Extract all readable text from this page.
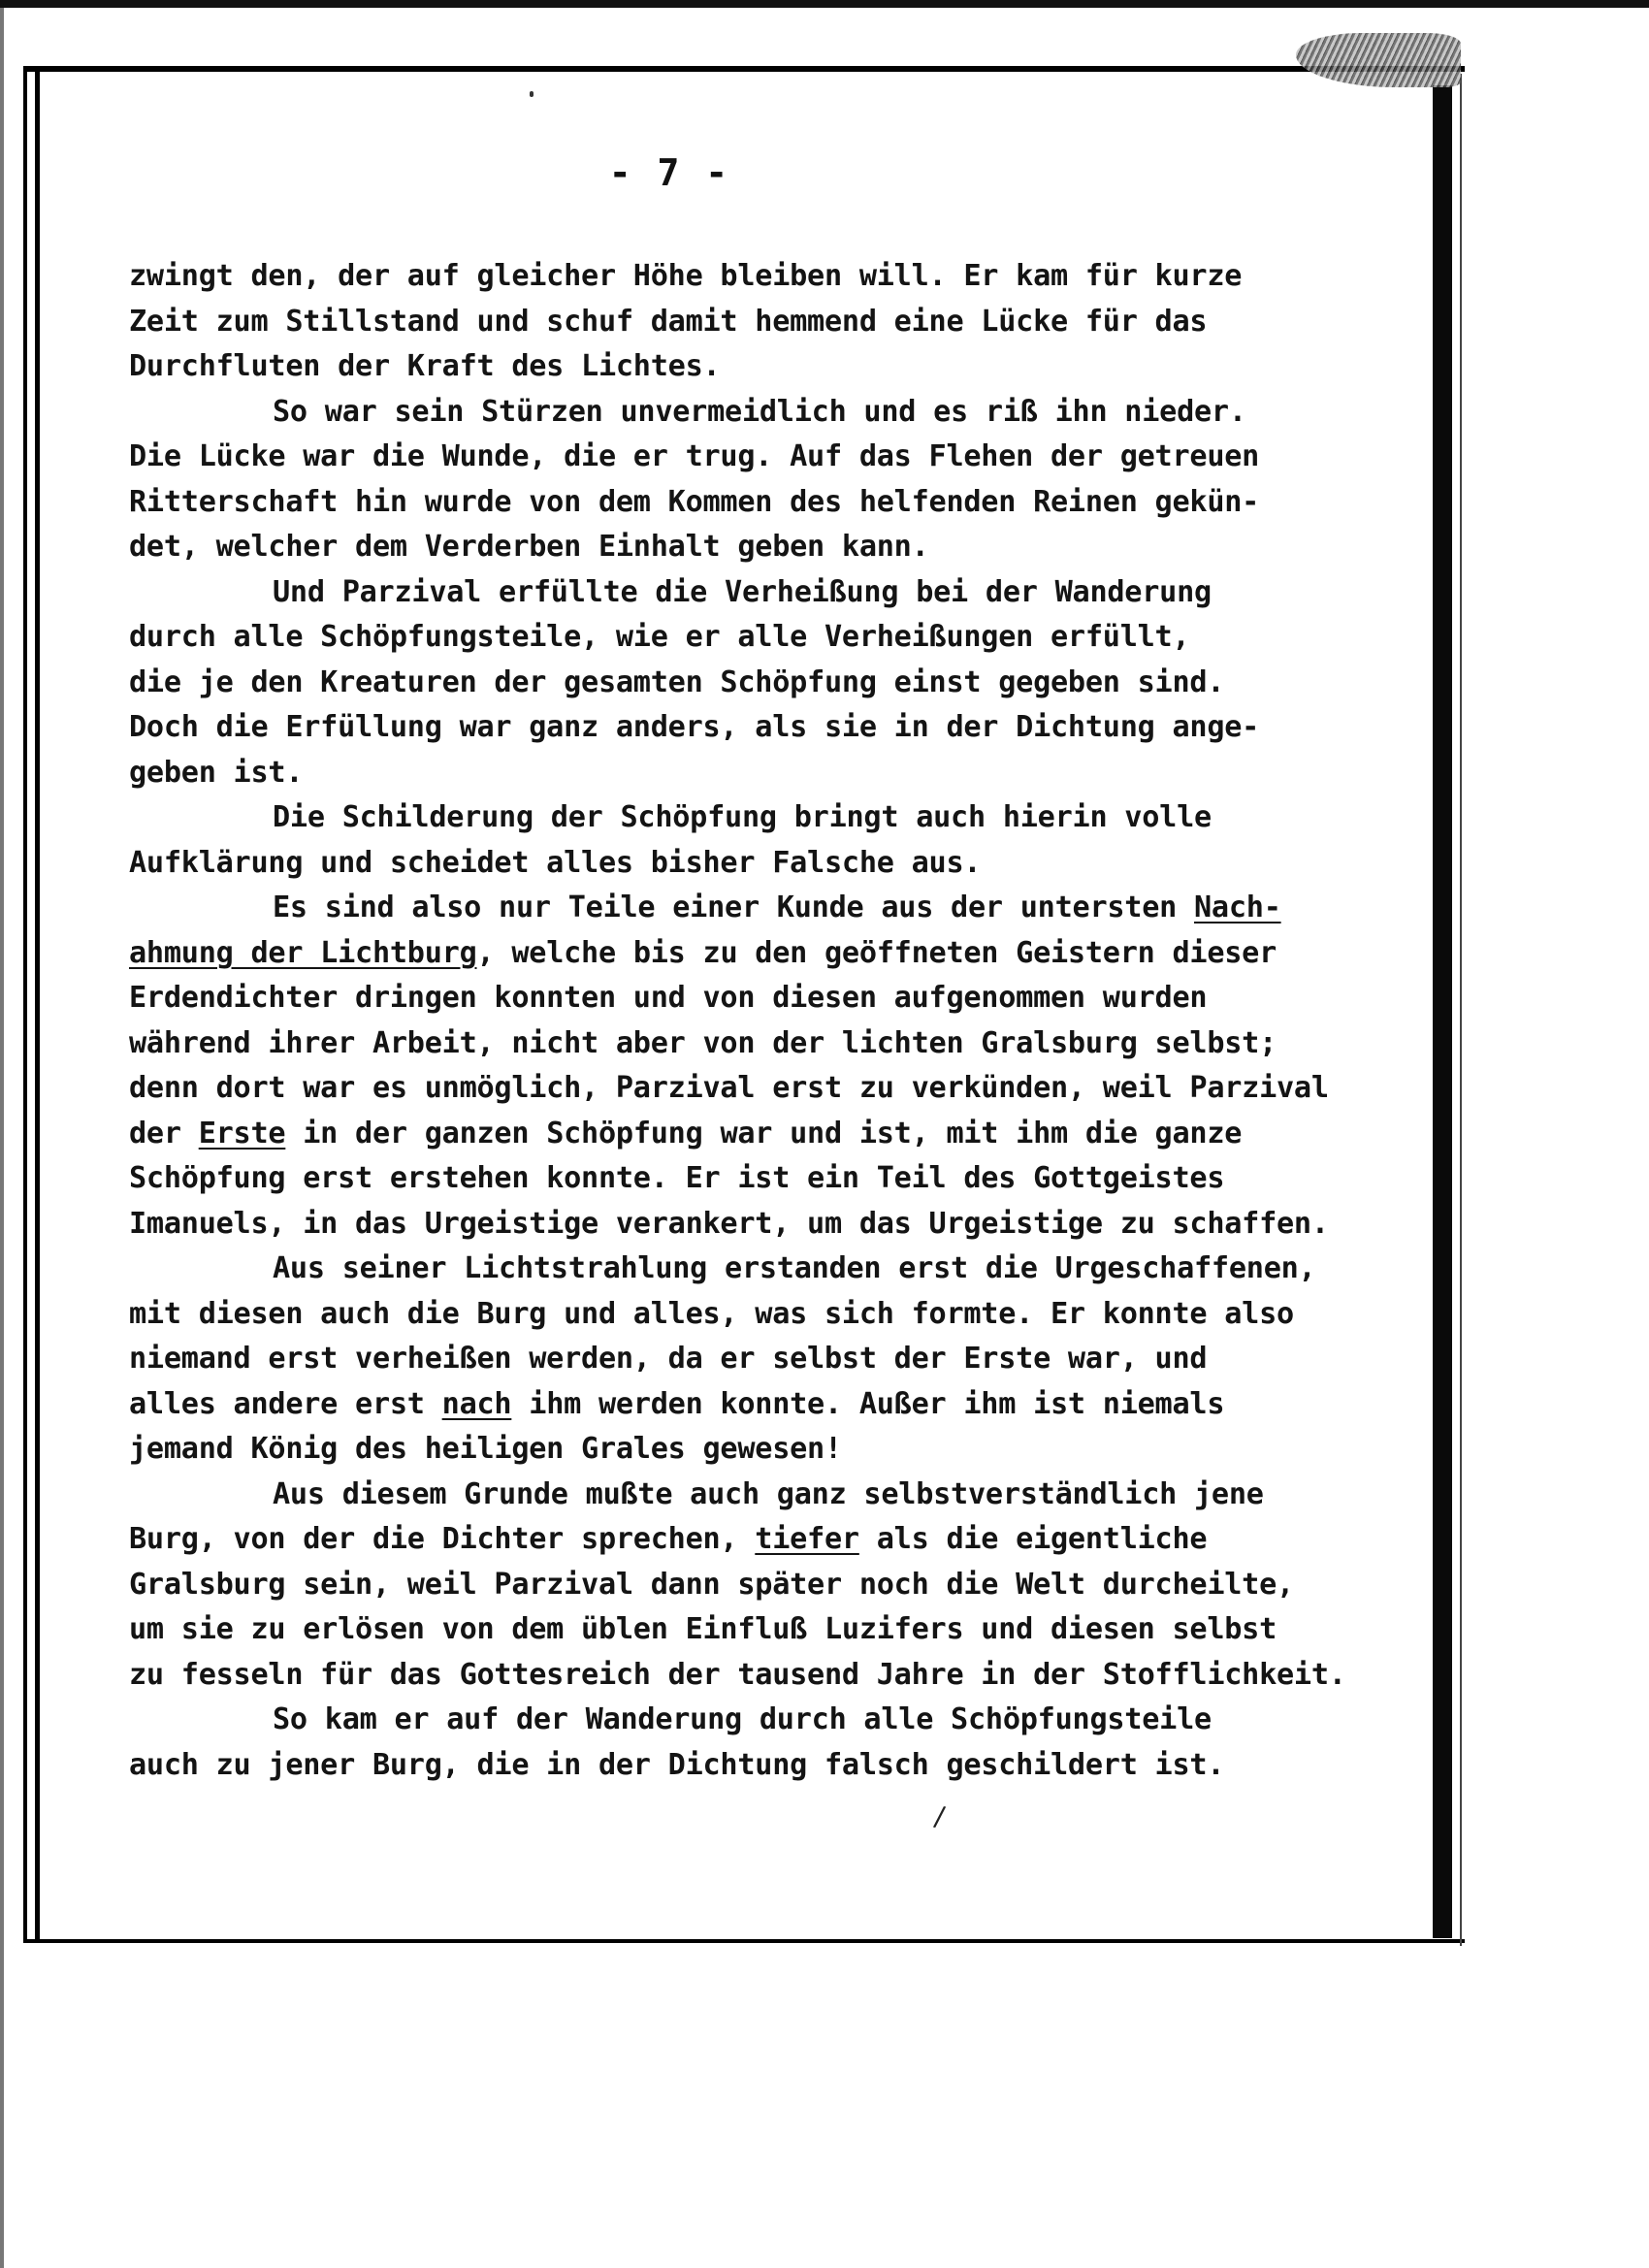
- 7 -
zwingt den, der auf gleicher Höhe bleiben will. Er kam für kurze
Zeit zum Stillstand und schuf damit hemmend eine Lücke für das
Durchfluten der Kraft des Lichtes.
So war sein Stürzen unvermeidlich und es riß ihn nieder.
Die Lücke war die Wunde, die er trug. Auf das Flehen der getreuen
Ritterschaft hin wurde von dem Kommen des helfenden Reinen gekün-
det, welcher dem Verderben Einhalt geben kann.
Und Parzival erfüllte die Verheißung bei der Wanderung
durch alle Schöpfungsteile, wie er alle Verheißungen erfüllt,
die je den Kreaturen der gesamten Schöpfung einst gegeben sind.
Doch die Erfüllung war ganz anders, als sie in der Dichtung ange-
geben ist.
Die Schilderung der Schöpfung bringt auch hierin volle
Aufklärung und scheidet alles bisher Falsche aus.
Es sind also nur Teile einer Kunde aus der untersten Nach-
ahmung der Lichtburg, welche bis zu den geöffneten Geistern dieser
Erdendichter dringen konnten und von diesen aufgenommen wurden
während ihrer Arbeit, nicht aber von der lichten Gralsburg selbst;
denn dort war es unmöglich, Parzival erst zu verkünden, weil Parzival
der Erste in der ganzen Schöpfung war und ist, mit ihm die ganze
Schöpfung erst erstehen konnte. Er ist ein Teil des Gottgeistes
Imanuels, in das Urgeistige verankert, um das Urgeistige zu schaffen.
Aus seiner Lichtstrahlung erstanden erst die Urgeschaffenen,
mit diesen auch die Burg und alles, was sich formte. Er konnte also
niemand erst verheißen werden, da er selbst der Erste war, und
alles andere erst nach ihm werden konnte. Außer ihm ist niemals
jemand König des heiligen Grales gewesen!
Aus diesem Grunde mußte auch ganz selbstverständlich jene
Burg, von der die Dichter sprechen, tiefer als die eigentliche
Gralsburg sein, weil Parzival dann später noch die Welt durcheilte,
um sie zu erlösen von dem üblen Einfluß Luzifers und diesen selbst
zu fesseln für das Gottesreich der tausend Jahre in der Stofflichkeit.
So kam er auf der Wanderung durch alle Schöpfungsteile
auch zu jener Burg, die in der Dichtung falsch geschildert ist.
/
